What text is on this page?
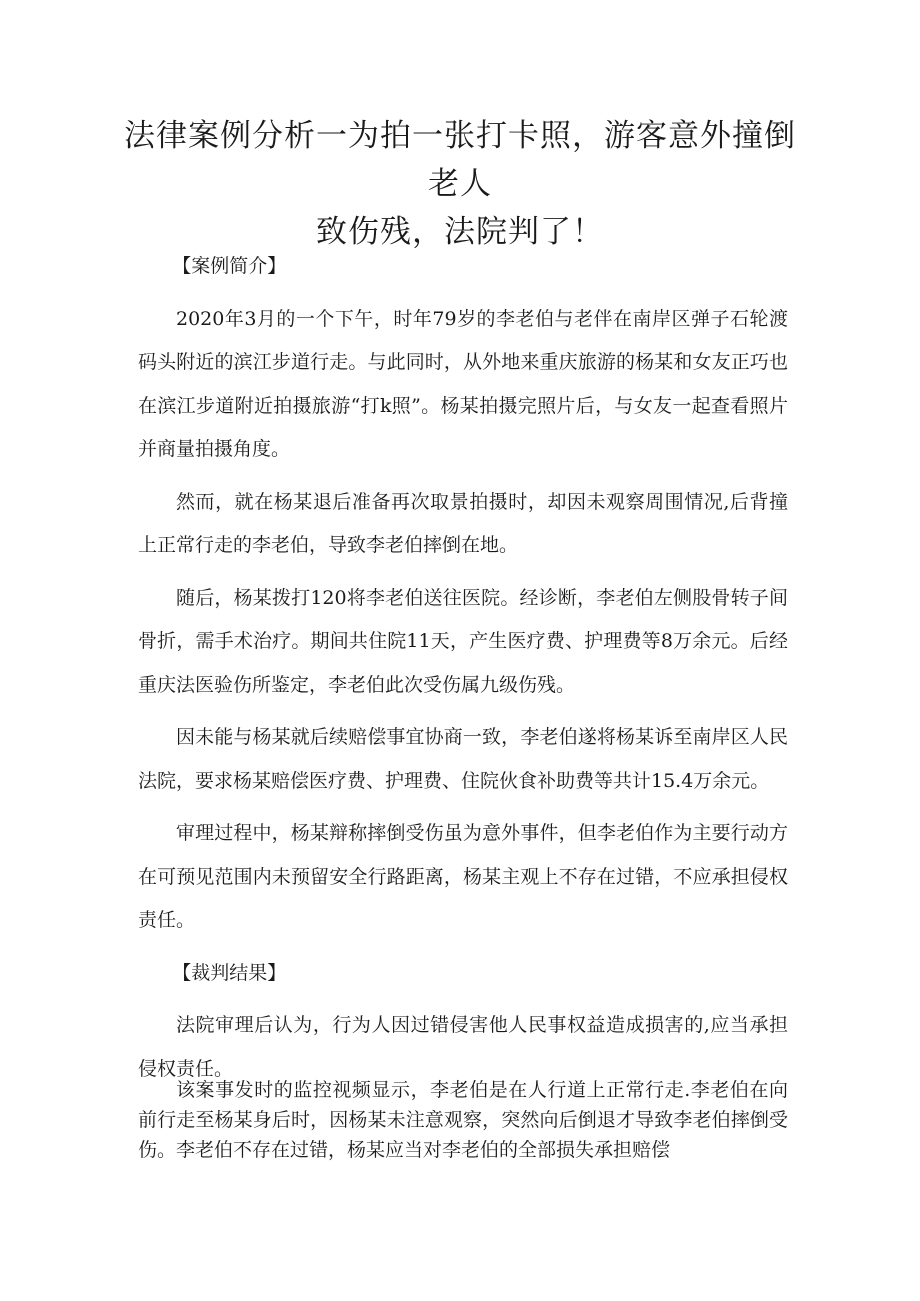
法律案例分析一为拍一张打卡照，游客意外撞倒老人
致伤残，法院判了！

【案例简介】

2020年3月的一个下午，时年79岁的李老伯与老伴在南岸区弹子石轮渡码头附近的滨江步道行走。与此同时，从外地来重庆旅游的杨某和女友正巧也在滨江步道附近拍摄旅游“打k照”。杨某拍摄完照片后，与女友一起查看照片并商量拍摄角度。

然而，就在杨某退后准备再次取景拍摄时，却因未观察周围情况,后背撞上正常行走的李老伯，导致李老伯摔倒在地。

随后，杨某拨打120将李老伯送往医院。经诊断，李老伯左侧股骨转子间骨折，需手术治疗。期间共住院11天，产生医疗费、护理费等8万余元。后经重庆法医验伤所鉴定，李老伯此次受伤属九级伤残。

因未能与杨某就后续赔偿事宜协商一致，李老伯遂将杨某诉至南岸区人民法院，要求杨某赔偿医疗费、护理费、住院伙食补助费等共计15.4万余元。

审理过程中，杨某辩称摔倒受伤虽为意外事件，但李老伯作为主要行动方在可预见范围内未预留安全行路距离，杨某主观上不存在过错，不应承担侵权责任。

【裁判结果】

法院审理后认为，行为人因过错侵害他人民事权益造成损害的,应当承担侵权责任。

该案事发时的监控视频显示，李老伯是在人行道上正常行走.李老伯在向前行走至杨某身后时，因杨某未注意观察，突然向后倒退才导致李老伯摔倒受伤。李老伯不存在过错，杨某应当对李老伯的全部损失承担赔偿
